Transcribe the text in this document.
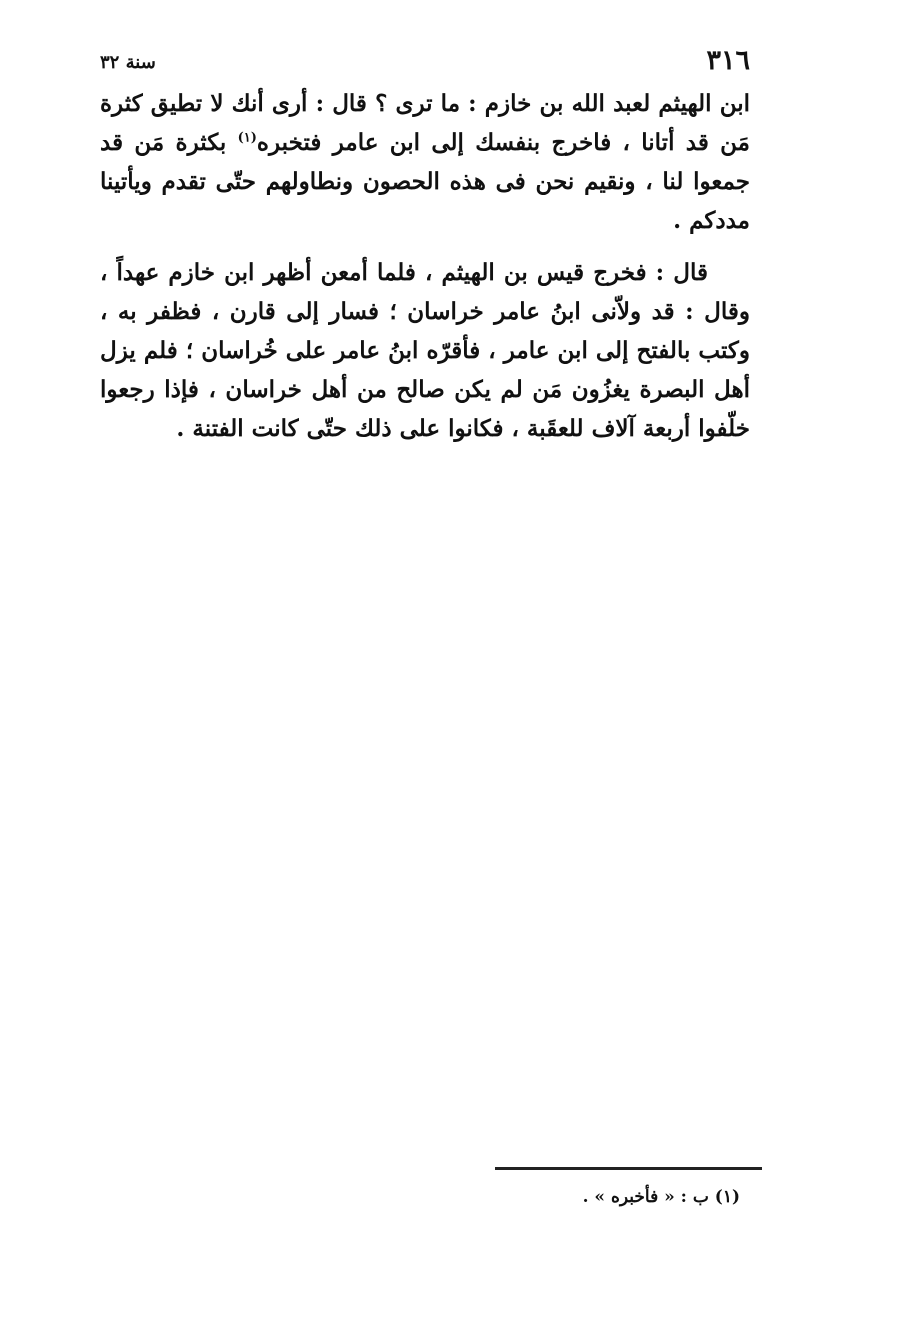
٣١٦
سنة ٣٢

ابن الهيثم لعبد الله بن خازم : ما ترى ؟ قال : أرى أنك لا تطيق كثرة مَن قد أتانا ، فاخرج بنفسك إلى ابن عامر فتخبره$^{(١)}$ بكثرة مَن قد جمعوا لنا ، ونقيم نحن فى هذه الحصون ونطاولهم حتّى تقدم ويأتينا مددكم .

قال : فخرج قيس بن الهيثم ، فلما أمعن أظهر ابن خازم عهداً ، وقال : قد ولاّنى ابنُ عامر خراسان ؛ فسار إلى قارن ، فظفر به ، وكتب بالفتح إلى ابن عامر ، فأقرّه ابنُ عامر على خُراسان ؛ فلم يزل أهل البصرة يغزُون مَن لم يكن صالح من أهل خراسان ، فإذا رجعوا خلّفوا أربعة آلاف للعقَبة ، فكانوا على ذلك حتّى كانت الفتنة .

(١) ب : « فأخبره » .
